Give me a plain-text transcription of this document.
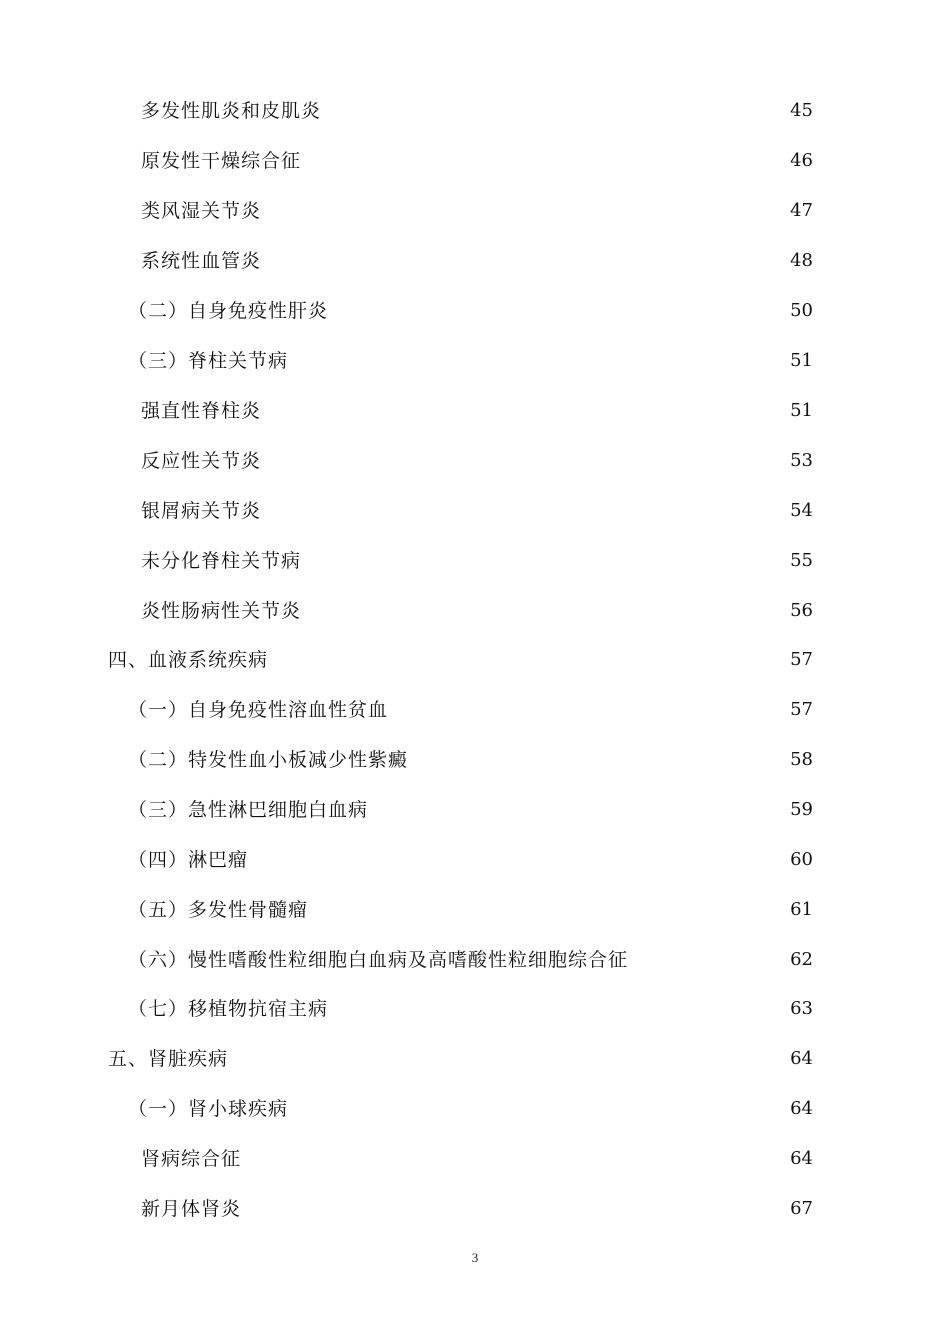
多发性肌炎和皮肌炎	45
原发性干燥综合征	46
类风湿关节炎	47
系统性血管炎	48
（二）自身免疫性肝炎	50
（三）脊柱关节病	51
强直性脊柱炎	51
反应性关节炎	53
银屑病关节炎	54
未分化脊柱关节病	55
炎性肠病性关节炎	56
四、血液系统疾病	57
（一）自身免疫性溶血性贫血	57
（二）特发性血小板减少性紫癜	58
（三）急性淋巴细胞白血病	59
（四）淋巴瘤	60
（五）多发性骨髓瘤	61
（六）慢性嗜酸性粒细胞白血病及高嗜酸性粒细胞综合征	62
（七）移植物抗宿主病	63
五、肾脏疾病	64
（一）肾小球疾病	64
肾病综合征	64
新月体肾炎	67
3
